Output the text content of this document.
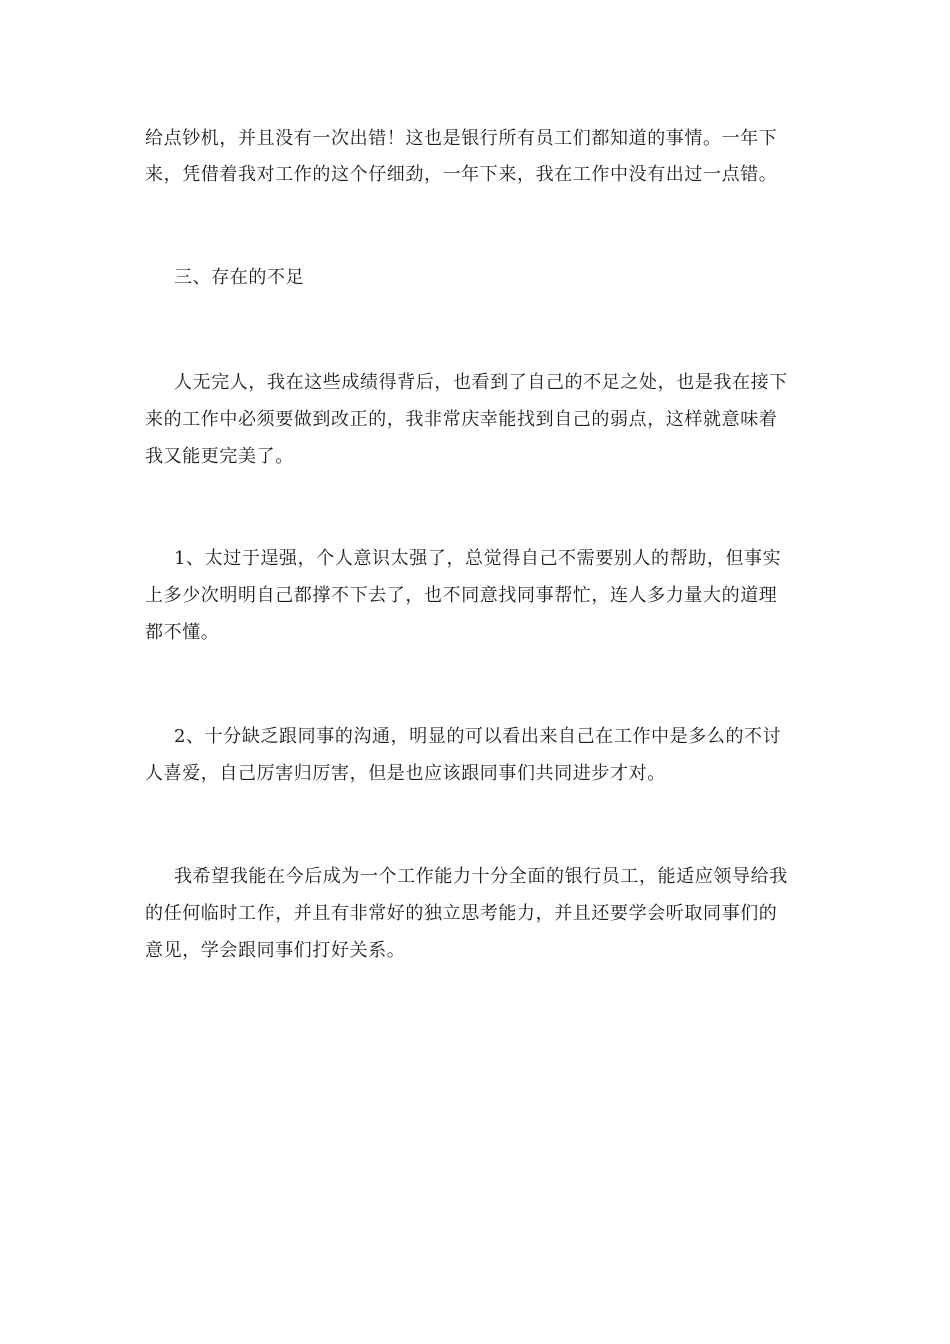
给点钞机，并且没有一次出错！这也是银行所有员工们都知道的事情。一年下

来，凭借着我对工作的这个仔细劲，一年下来，我在工作中没有出过一点错。

三、存在的不足

人无完人，我在这些成绩得背后，也看到了自己的不足之处，也是我在接下

来的工作中必须要做到改正的，我非常庆幸能找到自己的弱点，这样就意味着

我又能更完美了。

1、太过于逞强，个人意识太强了，总觉得自己不需要别人的帮助，但事实

上多少次明明自己都撑不下去了，也不同意找同事帮忙，连人多力量大的道理

都不懂。

2、十分缺乏跟同事的沟通，明显的可以看出来自己在工作中是多么的不讨

人喜爱，自己厉害归厉害，但是也应该跟同事们共同进步才对。

我希望我能在今后成为一个工作能力十分全面的银行员工，能适应领导给我

的任何临时工作，并且有非常好的独立思考能力，并且还要学会听取同事们的

意见，学会跟同事们打好关系。
